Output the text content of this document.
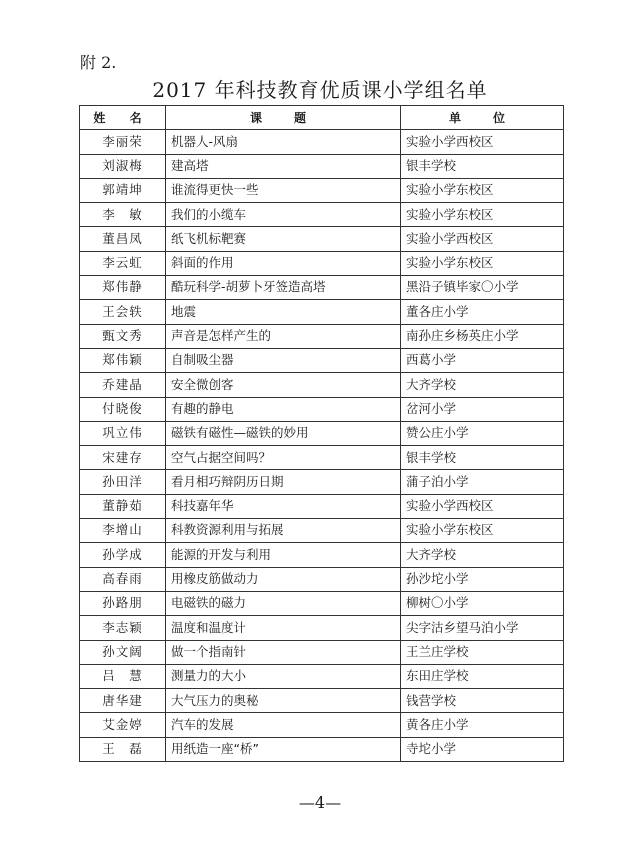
附 2.
2017 年科技教育优质课小学组名单
姓 名	课　题	单　位
李丽荣	机器人-风扇	实验小学西校区
刘淑梅	建高塔	银丰学校
郭靖坤	谁流得更快一些	实验小学东校区
李　敏	我们的小缆车	实验小学东校区
董昌凤	纸飞机标靶赛	实验小学西校区
李云虹	斜面的作用	实验小学东校区
郑伟静	酷玩科学-胡萝卜牙签造高塔	黑沿子镇毕家〇小学
王会轶	地震	董各庄小学
甄文秀	声音是怎样产生的	南孙庄乡杨英庄小学
郑伟颖	自制吸尘器	西葛小学
乔建晶	安全微创客	大齐学校
付晓俊	有趣的静电	岔河小学
巩立伟	磁铁有磁性—磁铁的妙用	赞公庄小学
宋建存	空气占据空间吗？	银丰学校
孙田洋	看月相巧辩阴历日期	蒲子泊小学
董静茹	科技嘉年华	实验小学西校区
李增山	科教资源利用与拓展	实验小学东校区
孙学成	能源的开发与利用	大齐学校
高春雨	用橡皮筋做动力	孙沙坨小学
孙路朋	电磁铁的磁力	柳树〇小学
李志颖	温度和温度计	尖字沽乡望马泊小学
孙文阔	做一个指南针	王兰庄学校
吕　慧	测量力的大小	东田庄学校
唐华建	大气压力的奥秘	钱营学校
艾金婷	汽车的发展	黄各庄小学
王　磊	用纸造一座“桥”	寺坨小学
—4—
